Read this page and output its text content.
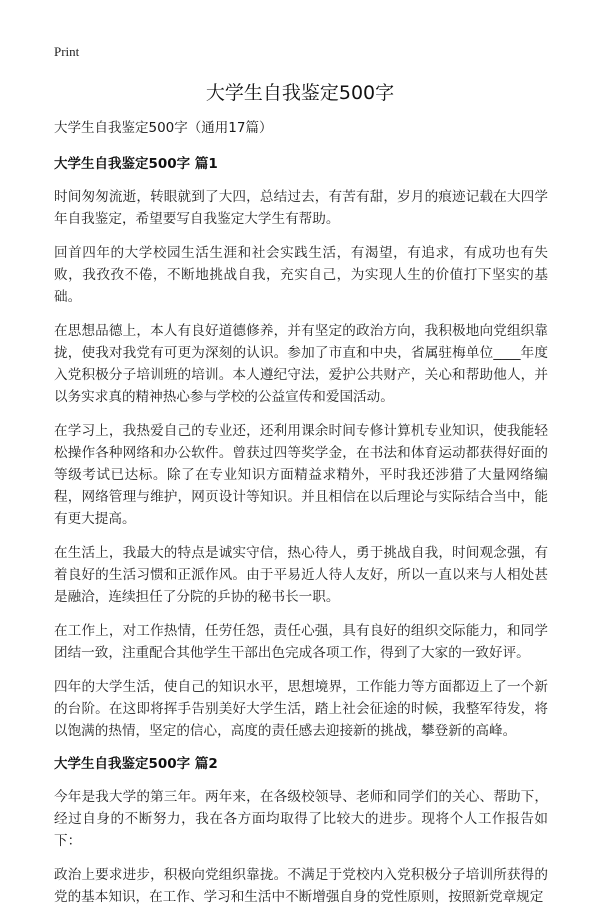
Print
大学生自我鉴定500字

大学生自我鉴定500字（通用17篇）

大学生自我鉴定500字 篇1

时间匆匆流逝，转眼就到了大四，总结过去，有苦有甜，岁月的痕迹记载在大四学年自我鉴定，希望要写自我鉴定大学生有帮助。

回首四年的大学校园生活生涯和社会实践生活，有渴望，有追求，有成功也有失败，我孜孜不倦，不断地挑战自我，充实自己，为实现人生的价值打下坚实的基础。

在思想品德上，本人有良好道德修养，并有坚定的政治方向，我积极地向党组织靠拢，使我对我党有可更为深刻的认识。参加了市直和中央，省属驻梅单位____年度入党积极分子培训班的培训。本人遵纪守法，爱护公共财产，关心和帮助他人，并以务实求真的精神热心参与学校的公益宣传和爱国活动。

在学习上，我热爱自己的专业还，还利用课余时间专修计算机专业知识，使我能轻松操作各种网络和办公软件。曾获过四等奖学金，在书法和体育运动都获得好面的等级考试已达标。除了在专业知识方面精益求精外，平时我还涉猎了大量网络编程，网络管理与维护，网页设计等知识。并且相信在以后理论与实际结合当中，能有更大提高。

在生活上，我最大的特点是诚实守信，热心待人，勇于挑战自我，时间观念强，有着良好的生活习惯和正派作风。由于平易近人待人友好，所以一直以来与人相处甚是融洽，连续担任了分院的乒协的秘书长一职。

在工作上，对工作热情，任劳任怨，责任心强，具有良好的组织交际能力，和同学团结一致，注重配合其他学生干部出色完成各项工作，得到了大家的一致好评。

四年的大学生活，使自己的知识水平，思想境界，工作能力等方面都迈上了一个新的台阶。在这即将挥手告别美好大学生活，踏上社会征途的时候，我整军待发，将以饱满的热情，坚定的信心，高度的责任感去迎接新的挑战，攀登新的高峰。

大学生自我鉴定500字 篇2

今年是我大学的第三年。两年来，在各级校领导、老师和同学们的关心、帮助下，经过自身的不断努力，我在各方面均取得了比较大的进步。现将个人工作报告如下：

政治上要求进步，积极向党组织靠拢。不满足于党校内入党积极分子培训所获得的党的基本知识，在工作、学习和生活中不断增强自身的党性原则，按照新党章规定
